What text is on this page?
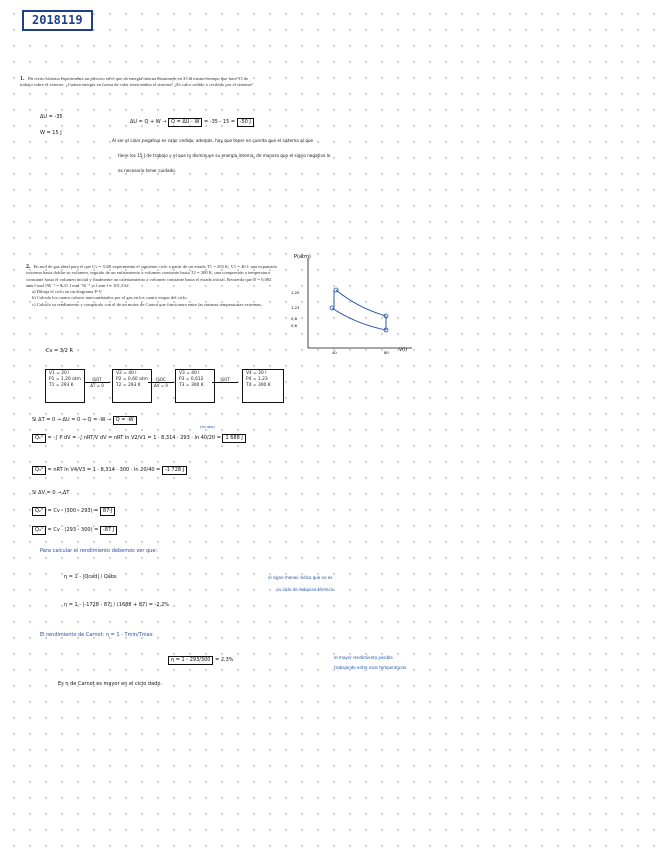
2018119
1. Un cierto sistema experimenta un proceso en el que su energía interna disminuye en 35 al mismo tiempo que hace 15 de trabajo sobre el exterior. ¿Cuánta energía en forma de calor intercambia el sistema? ¿Es calor cedido o recibido por el sistema?
ΔU = -35
W = 15 J
ΔU = Q + W → Q = ΔU - W = -35 - 15 = -50 J
Al ser el calor negativo es calor cedido, además, hay que tener en cuenta que el sistema al que
tiene los 15 J de trabajo y el que lo disminuye su energía interna, de manera que el signo negativo lo
es necesario tener cuidado.
2. En mol de gas ideal para el que Cv = 3/2R experimenta el siguiente ciclo a partir de un estado T1 = 293 K, V1 = 40 l: una expansión isoterma hasta doblar su volumen, seguido de un enfriamiento a volumen constante hasta T2 = 300 K, una compresión a temperatura constante hasta el volumen inicial y finalmente un calentamiento a volumen constante hasta el estado inicial. Recuerda que R = 0,082 atm·l·mol⁻¹K⁻¹ = 8,31 J mol⁻¹K⁻¹ y 1 atm·l = 101,33 J.
a) Dibuja el ciclo en un diagrama P-V.
b) Calcula los cuatro calores intercambiados por el gas en los cuatro etapas del ciclo.
c) Calcula su rendimiento y compáralo con el de un motor de Carnot que funcionara entre las mismas temperaturas extremas.
P(atm)
V(l)
1,20
1,23
0,8
0,6
40	80
Cv = 3/2 R
V1 = 20 l
P1 = 1,20 atm
T1 = 293 K
ISOT
ΔT = 0
V2 = 40 l
P2 = 0,60 atm
T2 = 293 K
ISOC
ΔV = 0
V3 = 40 l
P3 = 0,612
T3 = 300 K
ISOT
V4 = 20 l
P4 = 1,23
T4 = 300 K
Si ΔT = 0 → ΔU = 0 → Q = -W → Q = -W
(en abs)
Q₁² = -∫ P dV = -∫ nRT/V dV = nRT ln V2/V1 = 1 · 8,314 · 293 · ln 40/20 = 1 688 J
Q₃⁴ = nRT ln V4/V3 = 1 · 8,314 · 300 · ln 20/40 = -1 728 J
Si ΔV = 0 → ΔT
Q₂³ = Cv · (300 - 293) = 87 J
Q₄¹ = Cv · (293 - 300) = -87 J
Para calcular el rendimiento debemos ver que:
η = 1 - |Qced| / Qabs
η = 1 - |-1728 - 87| / (1688 + 87) = -2,2%
el signo menos indica que no es
un ciclo de máquina térmica
El rendimiento de Carnot: η = 1 - Tmin/Tmax
η = 1 - 293/300 = 2,3%	el mayor rendimiento posible
trabajando entre esas temperaturas
Es η de Carnot es mayor en el ciclo dado.
